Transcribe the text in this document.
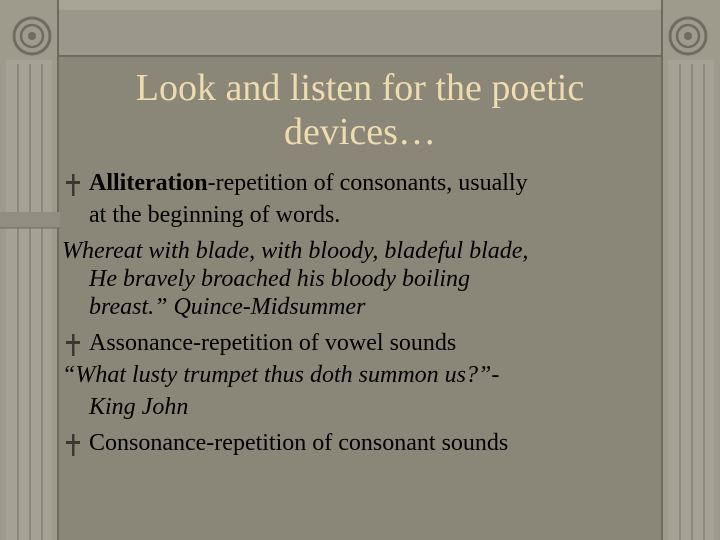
Look and listen for the poetic
devices…
Alliteration-repetition of consonants, usually
at the beginning of words.
Whereat with blade, with bloody, bladeful blade,
He bravely broached his bloody boiling
breast.” Quince-Midsummer
Assonance-repetition of vowel sounds
“What lusty trumpet thus doth summon us?”-
King John
Consonance-repetition of consonant sounds
